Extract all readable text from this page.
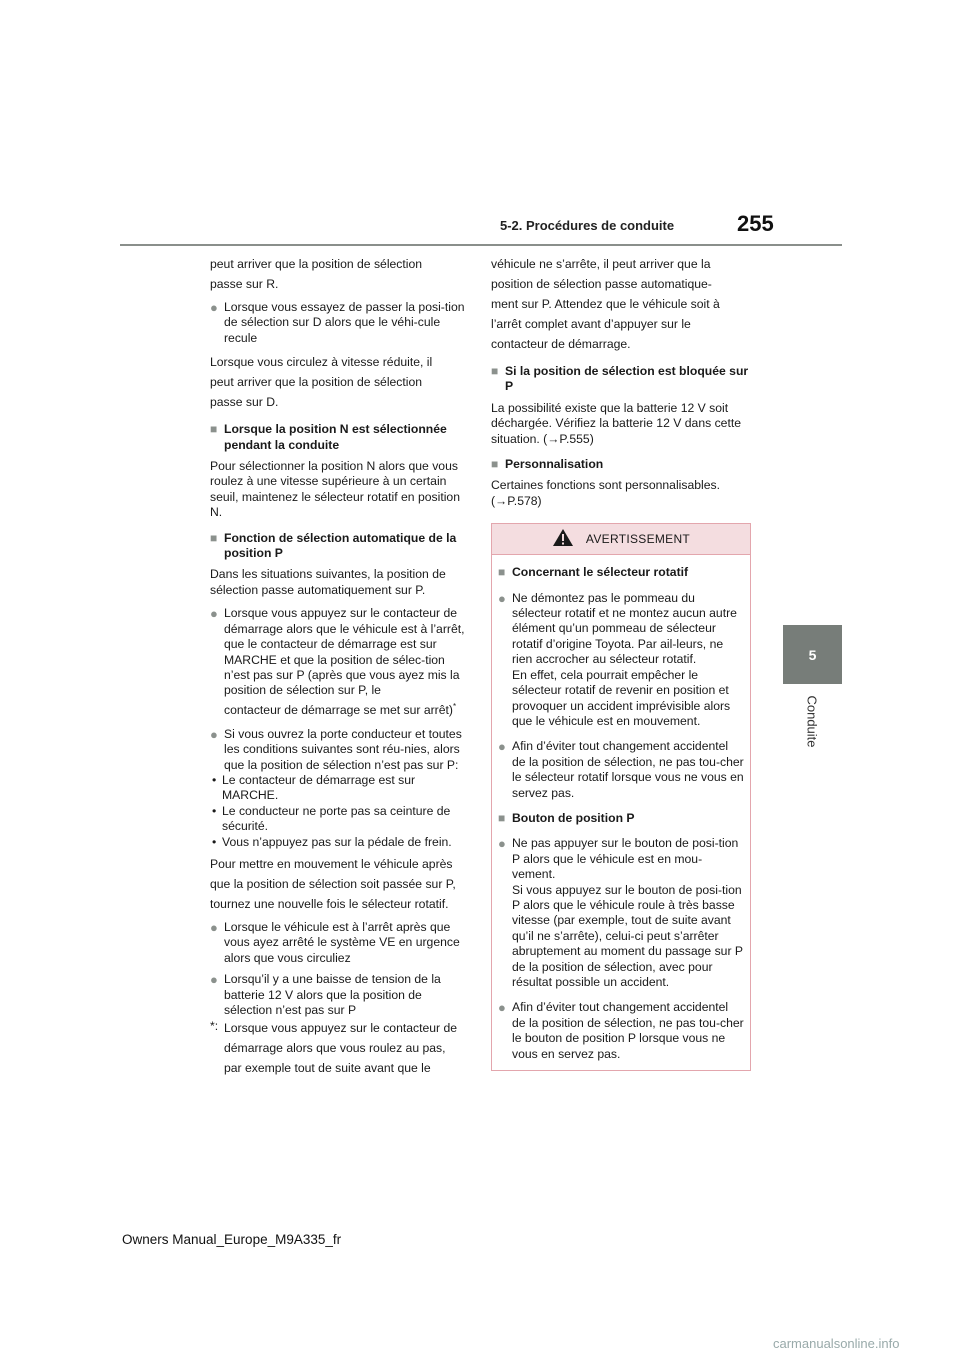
5-2. Procédures de conduite	255
5
Conduite

peut arriver que la position de sélection

passe sur R.

● Lorsque vous essayez de passer la posi-tion de sélection sur D alors que le véhi-cule recule

Lorsque vous circulez à vitesse réduite, il

peut arriver que la position de sélection

passe sur D.

■ Lorsque la position N est sélectionnée pendant la conduite

Pour sélectionner la position N alors que vous roulez à une vitesse supérieure à un certain seuil, maintenez le sélecteur rotatif en position N.

■ Fonction de sélection automatique de la position P

Dans les situations suivantes, la position de sélection passe automatiquement sur P.

● Lorsque vous appuyez sur le contacteur de démarrage alors que le véhicule est à l’arrêt, que le contacteur de démarrage est sur MARCHE et que la position de sélec-tion n’est pas sur P (après que vous ayez mis la position de sélection sur P, le
contacteur de démarrage se met sur arrêt)*
● Si vous ouvrez la porte conducteur et toutes les conditions suivantes sont réu-nies, alors que la position de sélection n’est pas sur P:
• Le contacteur de démarrage est sur MARCHE.
• Le conducteur ne porte pas sa ceinture de sécurité.
• Vous n’appuyez pas sur la pédale de frein.

Pour mettre en mouvement le véhicule après

que la position de sélection soit passée sur P,

tournez une nouvelle fois le sélecteur rotatif.

● Lorsque le véhicule est à l’arrêt après que vous ayez arrêté le système VE en urgence alors que vous circuliez
● Lorsqu’il y a une baisse de tension de la batterie 12 V alors que la position de sélection n’est pas sur P
*: Lorsque vous appuyez sur le contacteur de

démarrage alors que vous roulez au pas,

par exemple tout de suite avant que le

véhicule ne s’arrête, il peut arriver que la

position de sélection passe automatique-

ment sur P. Attendez que le véhicule soit à

l’arrêt complet avant d’appuyer sur le

contacteur de démarrage.

■ Si la position de sélection est bloquée sur P

La possibilité existe que la batterie 12 V soit déchargée. Vérifiez la batterie 12 V dans cette situation. (→P.555)

■ Personnalisation

Certaines fonctions sont personnalisables. (→P.578)

AVERTISSEMENT
■ Concernant le sélecteur rotatif
● Ne démontez pas le pommeau du sélecteur rotatif et ne montez aucun autre élément qu’un pommeau de sélecteur rotatif d’origine Toyota. Par ail-leurs, ne rien accrocher au sélecteur rotatif.
En effet, cela pourrait empêcher le sélecteur rotatif de revenir en position et provoquer un accident imprévisible alors que le véhicule est en mouvement.
● Afin d’éviter tout changement accidentel de la position de sélection, ne pas tou-cher le sélecteur rotatif lorsque vous ne vous en servez pas.
■ Bouton de position P
● Ne pas appuyer sur le bouton de posi-tion P alors que le véhicule est en mou-vement.
Si vous appuyez sur le bouton de posi-tion P alors que le véhicule roule à très basse vitesse (par exemple, tout de suite avant qu’il ne s’arrête), celui-ci peut s’arrêter abruptement au moment du passage sur P de la position de sélection, avec pour résultat possible un accident.
● Afin d’éviter tout changement accidentel de la position de sélection, ne pas tou-cher le bouton de position P lorsque vous ne vous en servez pas.
Owners Manual_Europe_M9A335_fr
carmanualsonline.info
